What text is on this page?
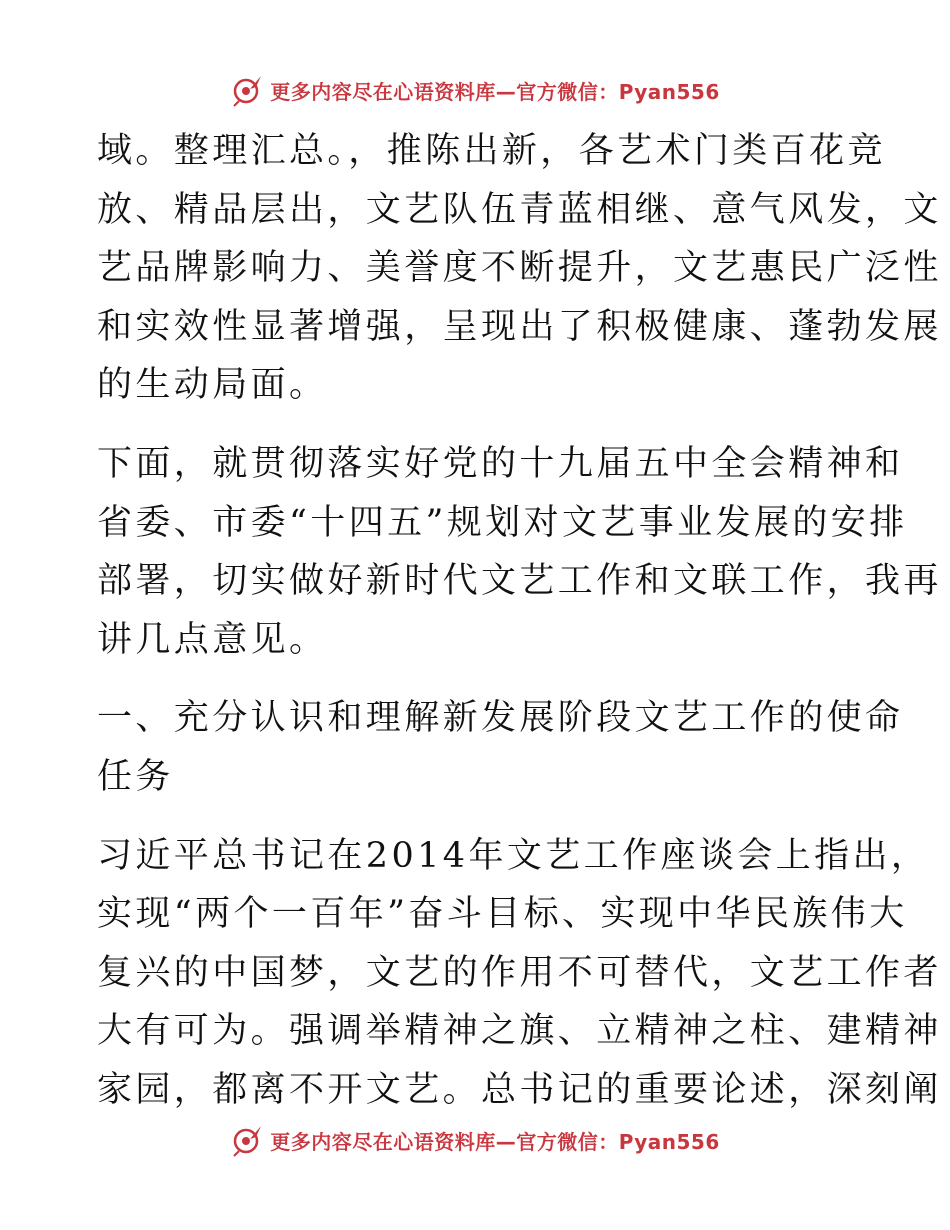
更多内容尽在心语资料库—官方微信：Pyan556

域。整理汇总。，推陈出新，各艺术门类百花竞
放、精品层出，文艺队伍青蓝相继、意气风发，文
艺品牌影响力、美誉度不断提升，文艺惠民广泛性
和实效性显著增强，呈现出了积极健康、蓬勃发展
的生动局面。

下面，就贯彻落实好党的十九届五中全会精神和
省委、市委“十四五”规划对文艺事业发展的安排
部署，切实做好新时代文艺工作和文联工作，我再
讲几点意见。

一、充分认识和理解新发展阶段文艺工作的使命
任务

习近平总书记在2014年文艺工作座谈会上指出，
实现“两个一百年”奋斗目标、实现中华民族伟大
复兴的中国梦，文艺的作用不可替代，文艺工作者
大有可为。强调举精神之旗、立精神之柱、建精神
家园，都离不开文艺。总书记的重要论述，深刻阐

更多内容尽在心语资料库—官方微信：Pyan556
